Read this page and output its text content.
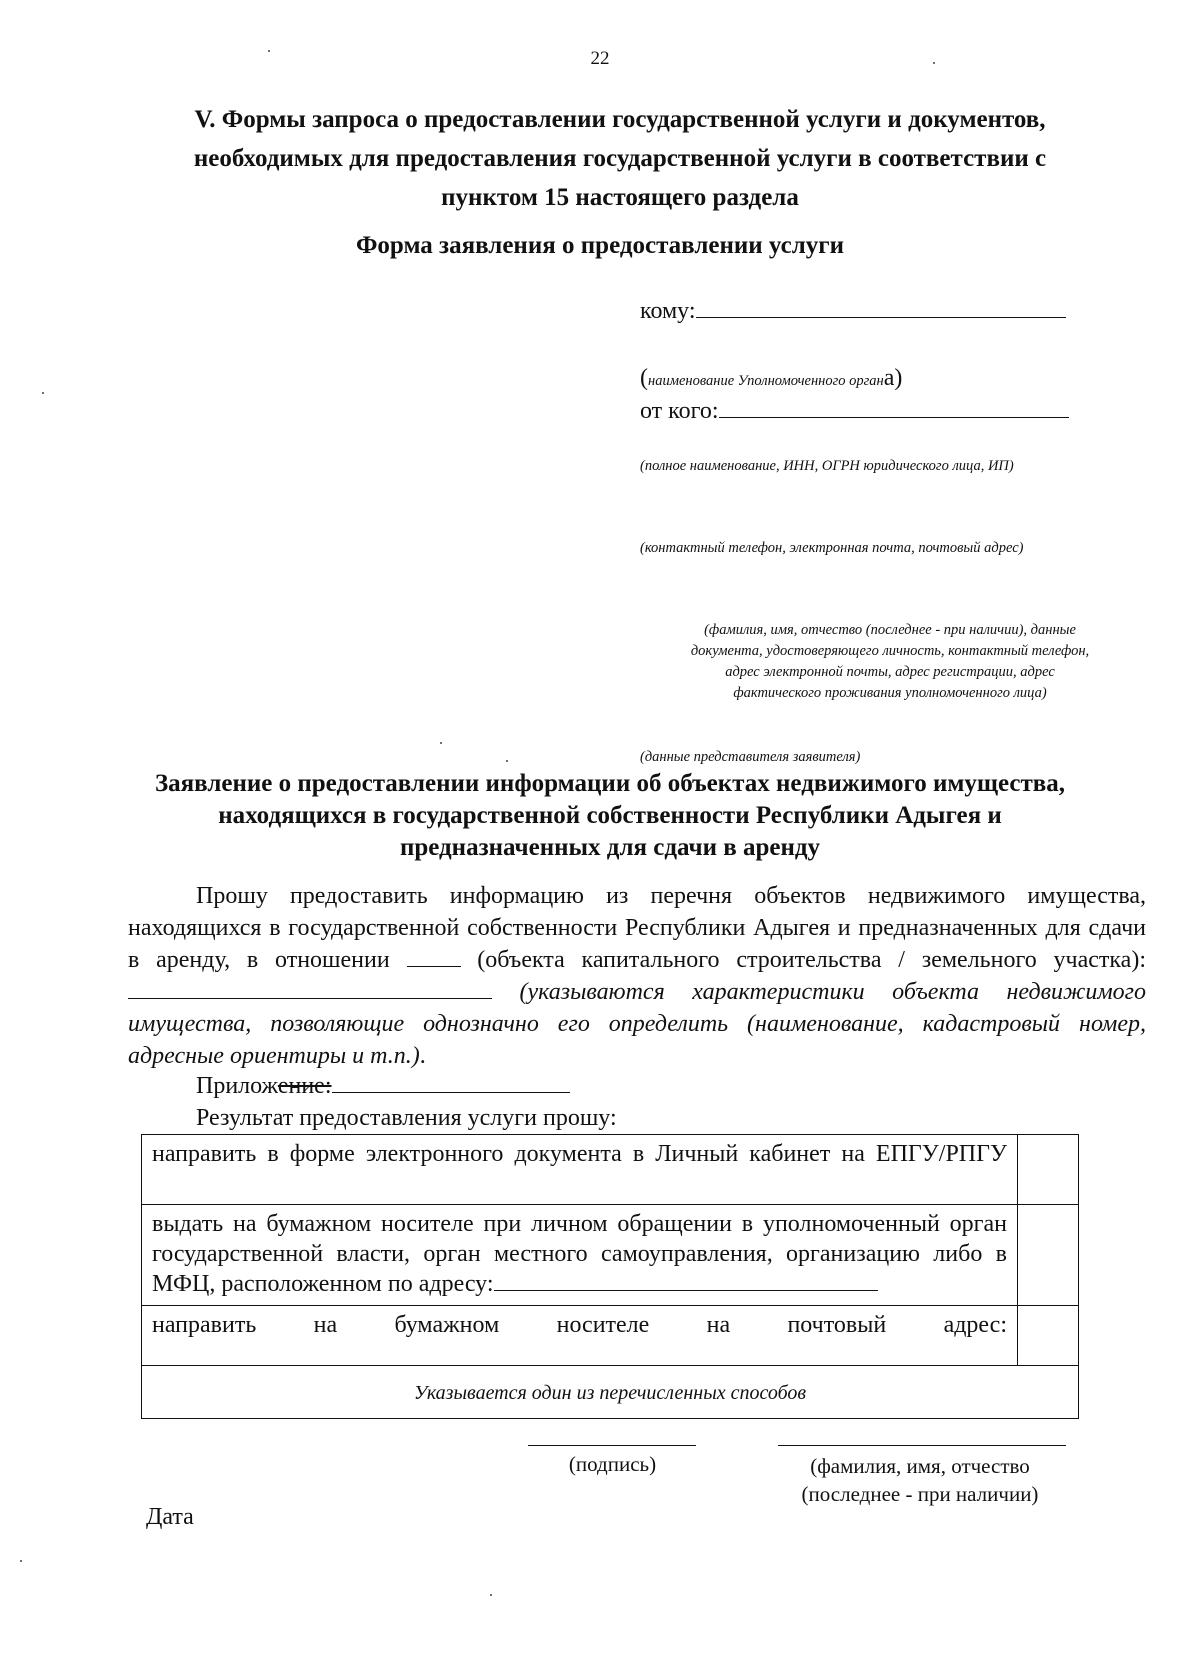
22
V. Формы запроса о предоставлении государственной услуги и документов,
необходимых для предоставления государственной услуги в соответствии с
пунктом 15 настоящего раздела
Форма заявления о предоставлении услуги
кому:
(наименование Уполномоченного органа)
от кого:
(полное наименование, ИНН, ОГРН юридического лица, ИП)
(контактный телефон, электронная почта, почтовый адрес)
(фамилия, имя, отчество (последнее - при наличии), данные
документа, удостоверяющего личность, контактный телефон,
адрес электронной почты, адрес регистрации, адрес
фактического проживания уполномоченного лица)
(данные представителя заявителя)
Заявление о предоставлении информации об объектах недвижимого имущества,
находящихся в государственной собственности Республики Адыгея и
предназначенных для сдачи в аренду
Прошу предоставить информацию из перечня объектов недвижимого имущества, находящихся в государственной собственности Республики Адыгея и предназначенных для сдачи в аренду, в отношении  (объекта капитального строительства / земельного участка):  (указываются характеристики объекта недвижимого имущества, позволяющие однозначно его определить (наименование, кадастровый номер, адресные ориентиры и т.п.).
Приложение:
Результат предоставления услуги прошу:
направить в форме электронного документа в Личный кабинет на ЕПГУ/РПГУ	
выдать на бумажном носителе при личном обращении в уполномоченный орган государственной власти, орган местного самоуправления, организацию либо в МФЦ, расположенном по адресу:	
направить на бумажном носителе на почтовый адрес:	
Указывается один из перечисленных способов	
(подпись)	(фамилия, имя, отчество
(последнее - при наличии)
Дата
